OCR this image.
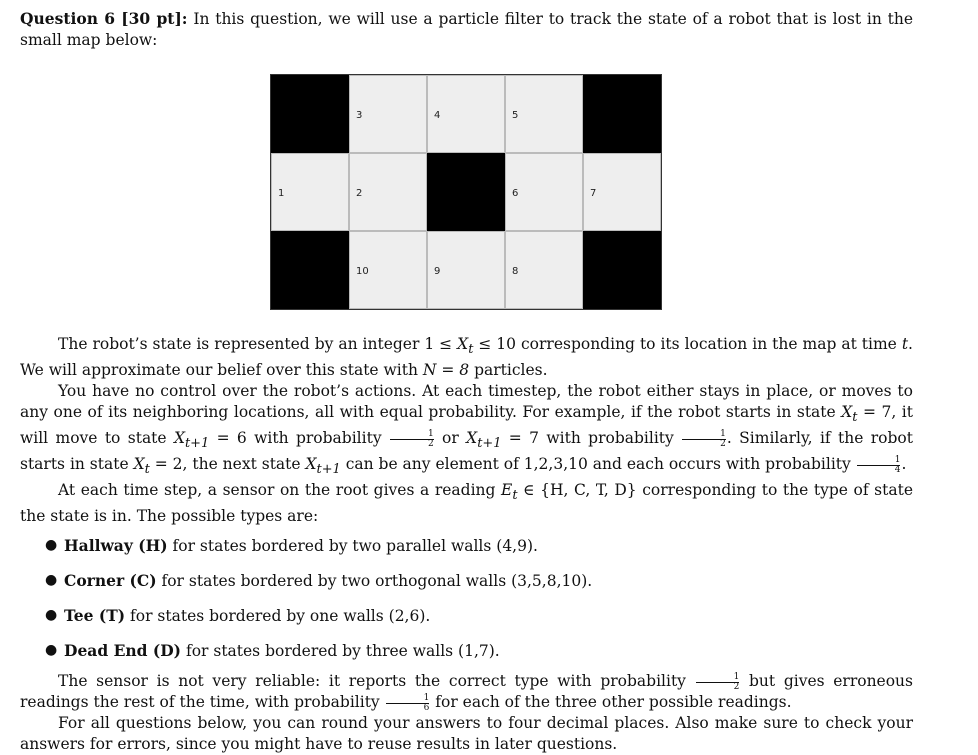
Question 6 [30 pt]: In this question, we will use a particle filter to track the state of a robot that is lost in the small map below:

3	4	5
1	2	6	7
10	9	8

The robot’s state is represented by an integer $1 \le X_t \le 10$ corresponding to its location in the map at time t. We will approximate our belief over this state with N = 8 particles.

You have no control over the robot’s actions. At each timestep, the robot either stays in place, or moves to any one of its neighboring locations, all with equal probability. For example, if the robot starts in state $X_t = 7$, it will move to state $X_{t+1} = 6$ with probability $\frac{1}{2}$ or $X_{t+1} = 7$ with probability $\frac{1}{2}$ . Similarly, if the robot starts in state $X_t = 2$, the next state $X_{t+1}$ can be any element of 1,2,3,10 and each occurs with probability $\frac{1}{4}$ .

At each time step, a sensor on the root gives a reading $E_t$ ∈ {H, C, T, D} corresponding to the type of state the state is in. The possible types are:

● Hallway (H) for states bordered by two parallel walls (4,9).
● Corner (C) for states bordered by two orthogonal walls (3,5,8,10).
● Tee (T) for states bordered by one walls (2,6).
● Dead End (D) for states bordered by three walls (1,7).

The sensor is not very reliable: it reports the correct type with probability $\frac{1}{2}$ but gives erroneous readings the rest of the time, with probability $\frac{1}{6}$ for each of the three other possible readings.

For all questions below, you can round your answers to four decimal places. Also make sure to check your answers for errors, since you might have to reuse results in later questions.
